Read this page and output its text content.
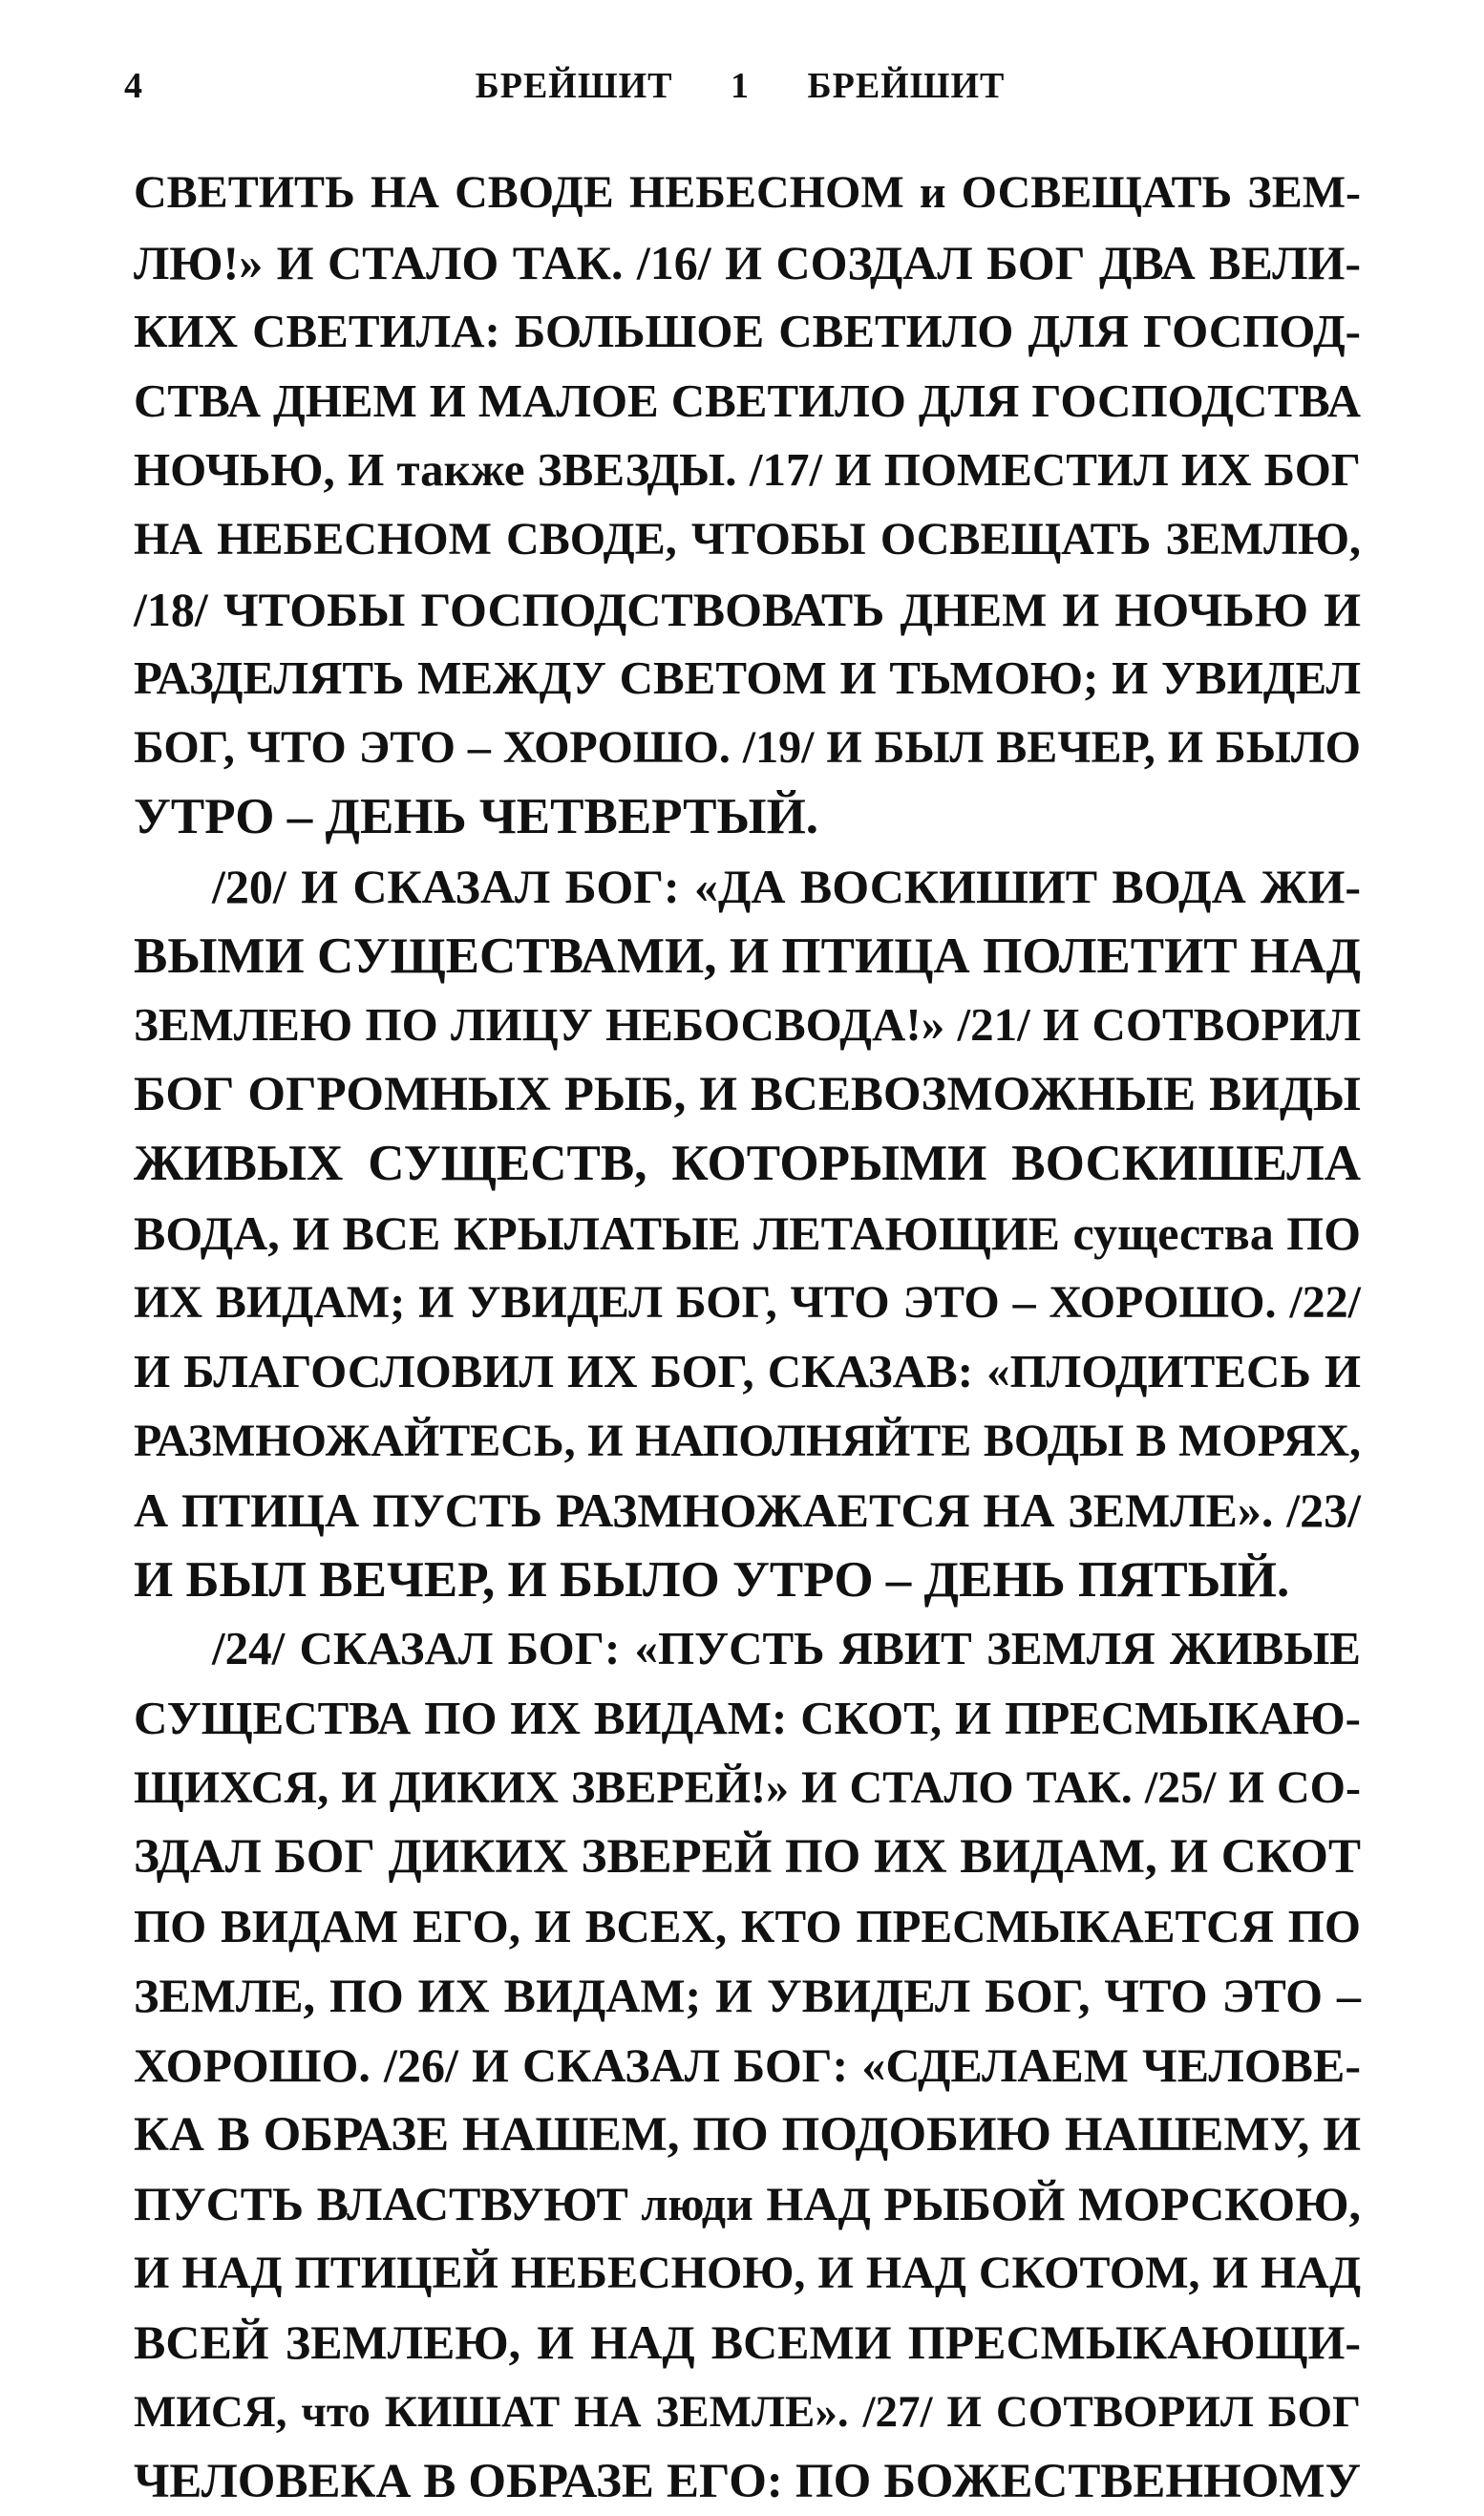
4	БРЕЙШИТ 1 БРЕЙШИТ
СВЕТИТЬ НА СВОДЕ НЕБЕСНОМ и ОСВЕЩАТЬ ЗЕМ-
ЛЮ!» И СТАЛО ТАК. /16/ И СОЗДАЛ БОГ ДВА ВЕЛИ-
КИХ СВЕТИЛА: БОЛЬШОЕ СВЕТИЛО ДЛЯ ГОСПОД-
СТВА ДНЕМ И МАЛОЕ СВЕТИЛО ДЛЯ ГОСПОДСТВА
НОЧЬЮ, И также ЗВЕЗДЫ. /17/ И ПОМЕСТИЛ ИХ БОГ
НА НЕБЕСНОМ СВОДЕ, ЧТОБЫ ОСВЕЩАТЬ ЗЕМЛЮ,
/18/ ЧТОБЫ ГОСПОДСТВОВАТЬ ДНЕМ И НОЧЬЮ И
РАЗДЕЛЯТЬ МЕЖДУ СВЕТОМ И ТЬМОЮ; И УВИДЕЛ
БОГ, ЧТО ЭТО – ХОРОШО. /19/ И БЫЛ ВЕЧЕР, И БЫЛО
УТРО – ДЕНЬ ЧЕТВЕРТЫЙ.
/20/ И СКАЗАЛ БОГ: «ДА ВОСКИШИТ ВОДА ЖИ-
ВЫМИ СУЩЕСТВАМИ, И ПТИЦА ПОЛЕТИТ НАД
ЗЕМЛЕЮ ПО ЛИЦУ НЕБОСВОДА!» /21/ И СОТВОРИЛ
БОГ ОГРОМНЫХ РЫБ, И ВСЕВОЗМОЖНЫЕ ВИДЫ
ЖИВЫХ СУЩЕСТВ, КОТОРЫМИ ВОСКИШЕЛА
ВОДА, И ВСЕ КРЫЛАТЫЕ ЛЕТАЮЩИЕ существа ПО
ИХ ВИДАМ; И УВИДЕЛ БОГ, ЧТО ЭТО – ХОРОШО. /22/
И БЛАГОСЛОВИЛ ИХ БОГ, СКАЗАВ: «ПЛОДИТЕСЬ И
РАЗМНОЖАЙТЕСЬ, И НАПОЛНЯЙТЕ ВОДЫ В МОРЯХ,
А ПТИЦА ПУСТЬ РАЗМНОЖАЕТСЯ НА ЗЕМЛЕ». /23/
И БЫЛ ВЕЧЕР, И БЫЛО УТРО – ДЕНЬ ПЯТЫЙ.
/24/ СКАЗАЛ БОГ: «ПУСТЬ ЯВИТ ЗЕМЛЯ ЖИВЫЕ
СУЩЕСТВА ПО ИХ ВИДАМ: СКОТ, И ПРЕСМЫКАЮ-
ЩИХСЯ, И ДИКИХ ЗВЕРЕЙ!» И СТАЛО ТАК. /25/ И СО-
ЗДАЛ БОГ ДИКИХ ЗВЕРЕЙ ПО ИХ ВИДАМ, И СКОТ
ПО ВИДАМ ЕГО, И ВСЕХ, КТО ПРЕСМЫКАЕТСЯ ПО
ЗЕМЛЕ, ПО ИХ ВИДАМ; И УВИДЕЛ БОГ, ЧТО ЭТО –
ХОРОШО. /26/ И СКАЗАЛ БОГ: «СДЕЛАЕМ ЧЕЛОВЕ-
КА В ОБРАЗЕ НАШЕМ, ПО ПОДОБИЮ НАШЕМУ, И
ПУСТЬ ВЛАСТВУЮТ люди НАД РЫБОЙ МОРСКОЮ,
И НАД ПТИЦЕЙ НЕБЕСНОЮ, И НАД СКОТОМ, И НАД
ВСЕЙ ЗЕМЛЕЮ, И НАД ВСЕМИ ПРЕСМЫКАЮЩИ-
МИСЯ, что КИШАТ НА ЗЕМЛЕ». /27/ И СОТВОРИЛ БОГ
ЧЕЛОВЕКА В ОБРАЗЕ ЕГО: ПО БОЖЕСТВЕННОМУ
